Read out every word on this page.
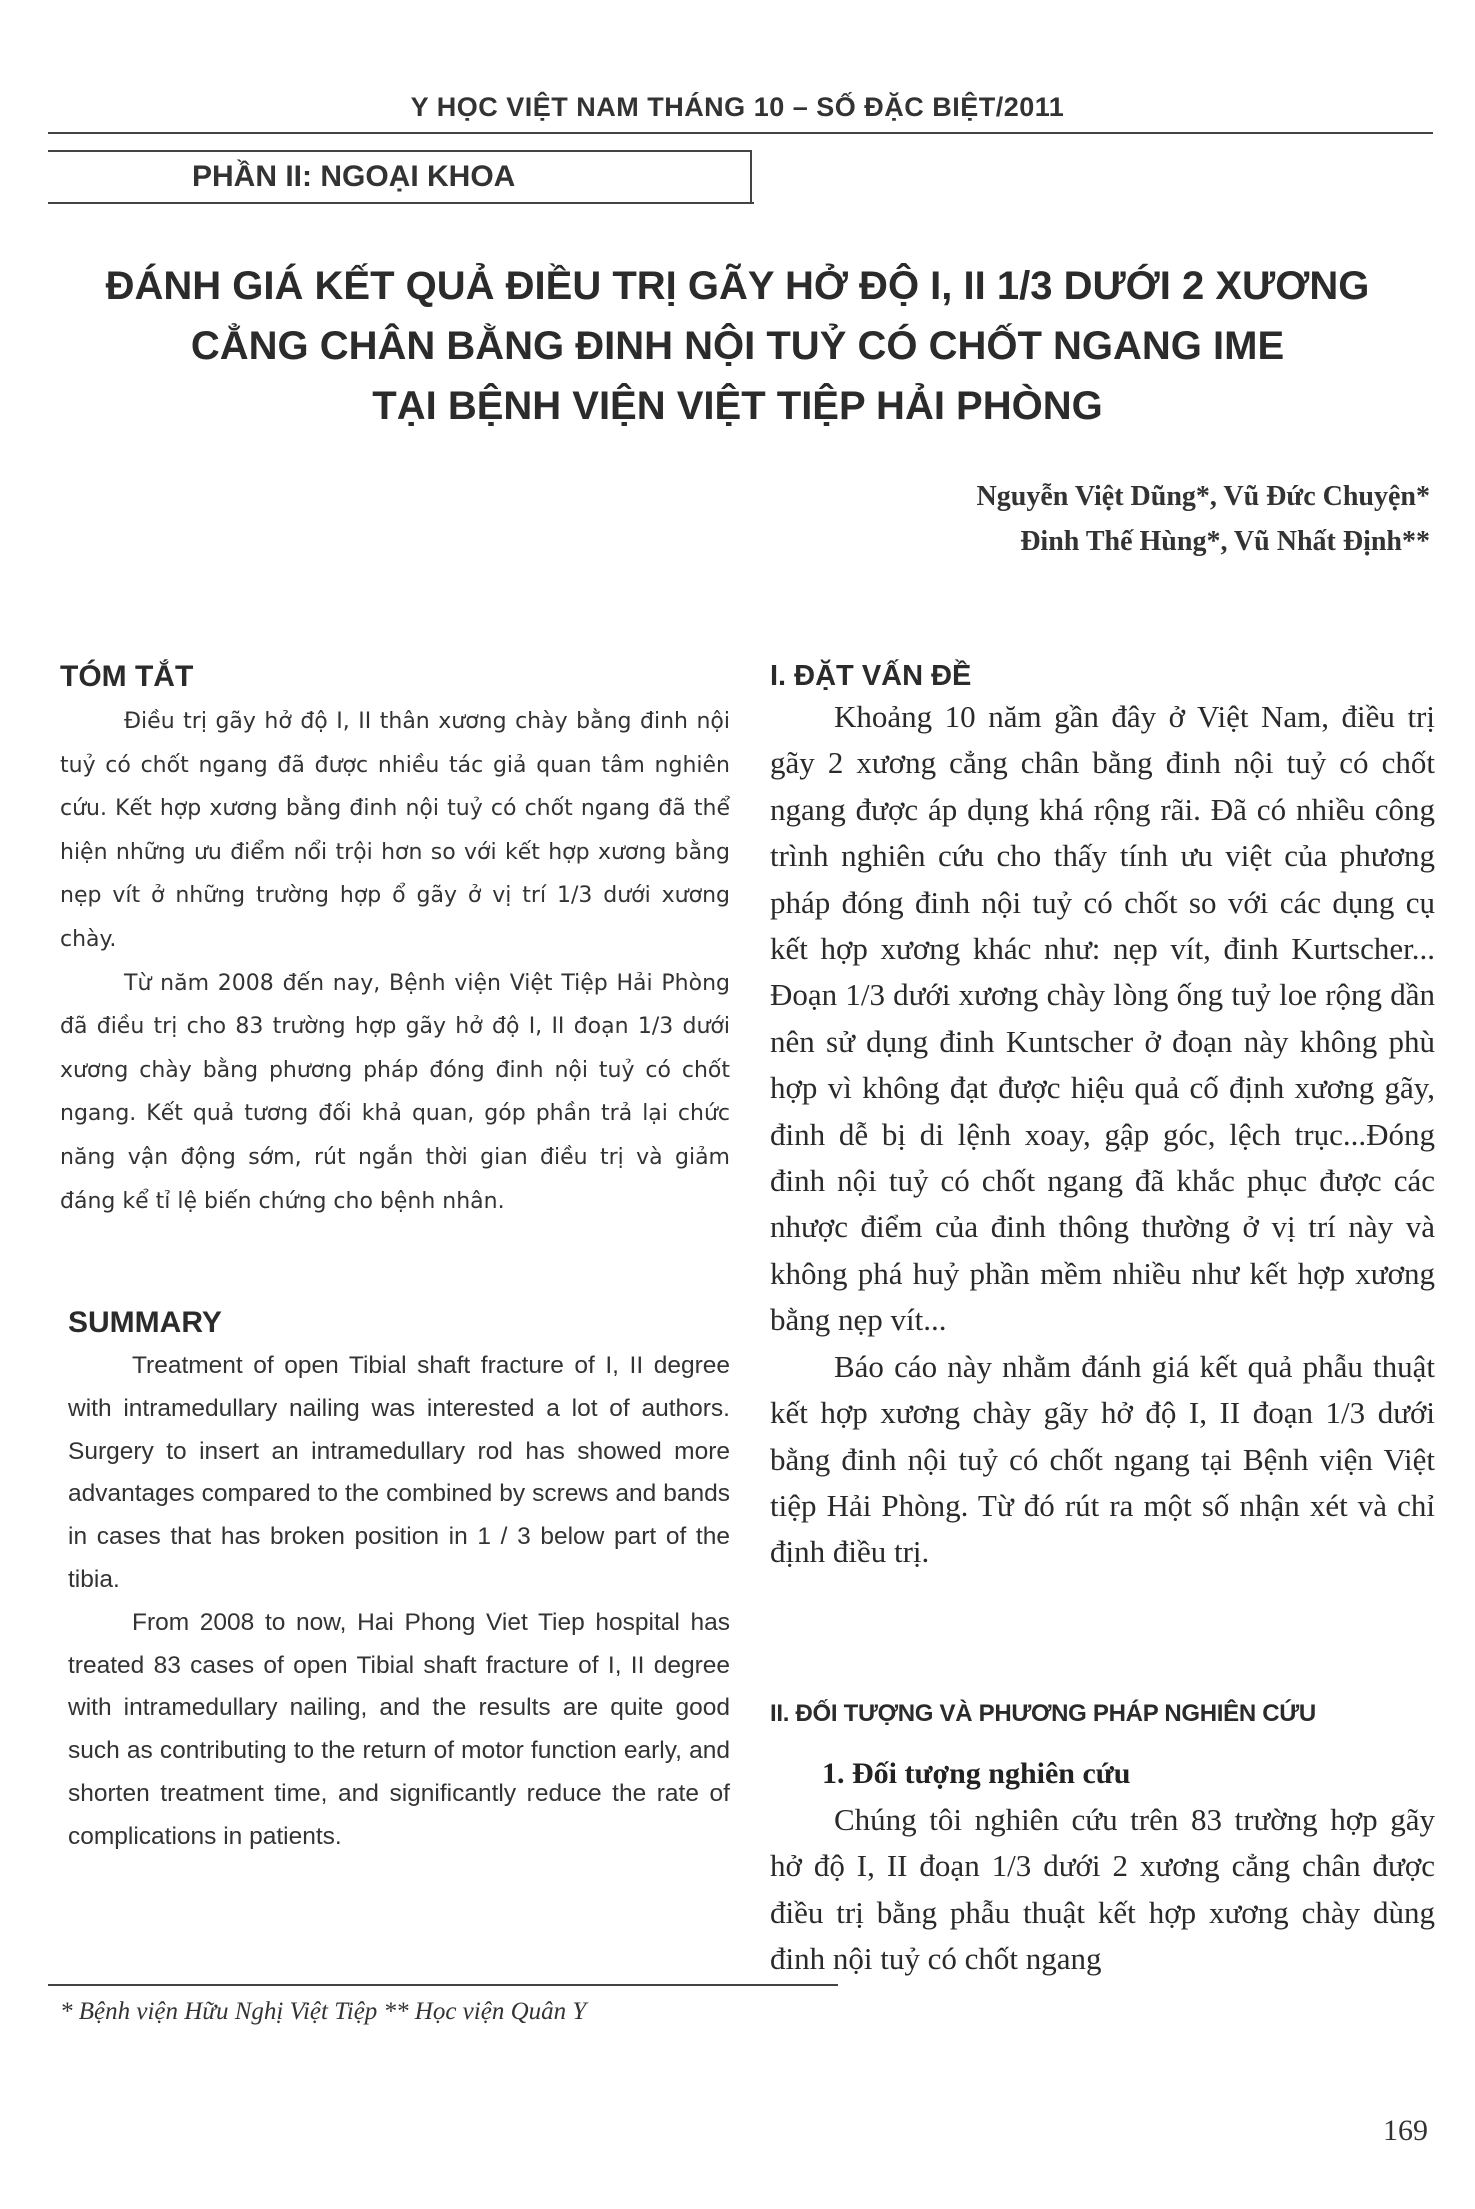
Y HỌC VIỆT NAM THÁNG 10 – SỐ ĐẶC BIỆT/2011
PHẦN II: NGOẠI KHOA
ĐÁNH GIÁ KẾT QUẢ ĐIỀU TRỊ GÃY HỞ ĐỘ I, II 1/3 DƯỚI 2 XƯƠNG
CẲNG CHÂN BẰNG ĐINH NỘI TUỶ CÓ CHỐT NGANG IME
TẠI BỆNH VIỆN VIỆT TIỆP HẢI PHÒNG
Nguyễn Việt Dũng*, Vũ Đức Chuyện*
Đinh Thế Hùng*, Vũ Nhất Định**
TÓM TẮT

Điều trị gãy hở độ I, II thân xương chày bằng đinh nội tuỷ có chốt ngang đã được nhiều tác giả quan tâm nghiên cứu. Kết hợp xương bằng đinh nội tuỷ có chốt ngang đã thể hiện những ưu điểm nổi trội hơn so với kết hợp xương bằng nẹp vít ở những trường hợp ổ gãy ở vị trí 1/3 dưới xương chày.

Từ năm 2008 đến nay, Bệnh viện Việt Tiệp Hải Phòng đã điều trị cho 83 trường hợp gãy hở độ I, II đoạn 1/3 dưới xương chày bằng phương pháp đóng đinh nội tuỷ có chốt ngang. Kết quả tương đối khả quan, góp phần trả lại chức năng vận động sớm, rút ngắn thời gian điều trị và giảm đáng kể tỉ lệ biến chứng cho bệnh nhân.

SUMMARY

Treatment of open Tibial shaft fracture of I, II degree with intramedullary nailing was interested a lot of authors. Surgery to insert an intramedullary rod has showed more advantages compared to the combined by screws and bands in cases that has broken position in 1 / 3 below part of the tibia.

From 2008 to now, Hai Phong Viet Tiep hospital has treated 83 cases of open Tibial shaft fracture of I, II degree with intramedullary nailing, and the results are quite good such as contributing to the return of motor function early, and shorten treatment time, and significantly reduce the rate of complications in patients.

I. ĐẶT VẤN ĐỀ

Khoảng 10 năm gần đây ở Việt Nam, điều trị gãy 2 xương cẳng chân bằng đinh nội tuỷ có chốt ngang được áp dụng khá rộng rãi. Đã có nhiều công trình nghiên cứu cho thấy tính ưu việt của phương pháp đóng đinh nội tuỷ có chốt so với các dụng cụ kết hợp xương khác như: nẹp vít, đinh Kurtscher... Đoạn 1/3 dưới xương chày lòng ống tuỷ loe rộng dần nên sử dụng đinh Kuntscher ở đoạn này không phù hợp vì không đạt được hiệu quả cố định xương gãy, đinh dễ bị di lệnh xoay, gập góc, lệch trục...Đóng đinh nội tuỷ có chốt ngang đã khắc phục được các nhược điểm của đinh thông thường ở vị trí này và không phá huỷ phần mềm nhiều như kết hợp xương bằng nẹp vít...

Báo cáo này nhằm đánh giá kết quả phẫu thuật kết hợp xương chày gãy hở độ I, II đoạn 1/3 dưới bằng đinh nội tuỷ có chốt ngang tại Bệnh viện Việt tiệp Hải Phòng. Từ đó rút ra một số nhận xét và chỉ định điều trị.

II. ĐỐI TƯỢNG VÀ PHƯƠNG PHÁP NGHIÊN CỨU
1. Đối tượng nghiên cứu

Chúng tôi nghiên cứu trên 83 trường hợp gãy hở độ I, II đoạn 1/3 dưới 2 xương cẳng chân được điều trị bằng phẫu thuật kết hợp xương chày dùng đinh nội tuỷ có chốt ngang

* Bệnh viện Hữu Nghị Việt Tiệp ** Học viện Quân Y
169
